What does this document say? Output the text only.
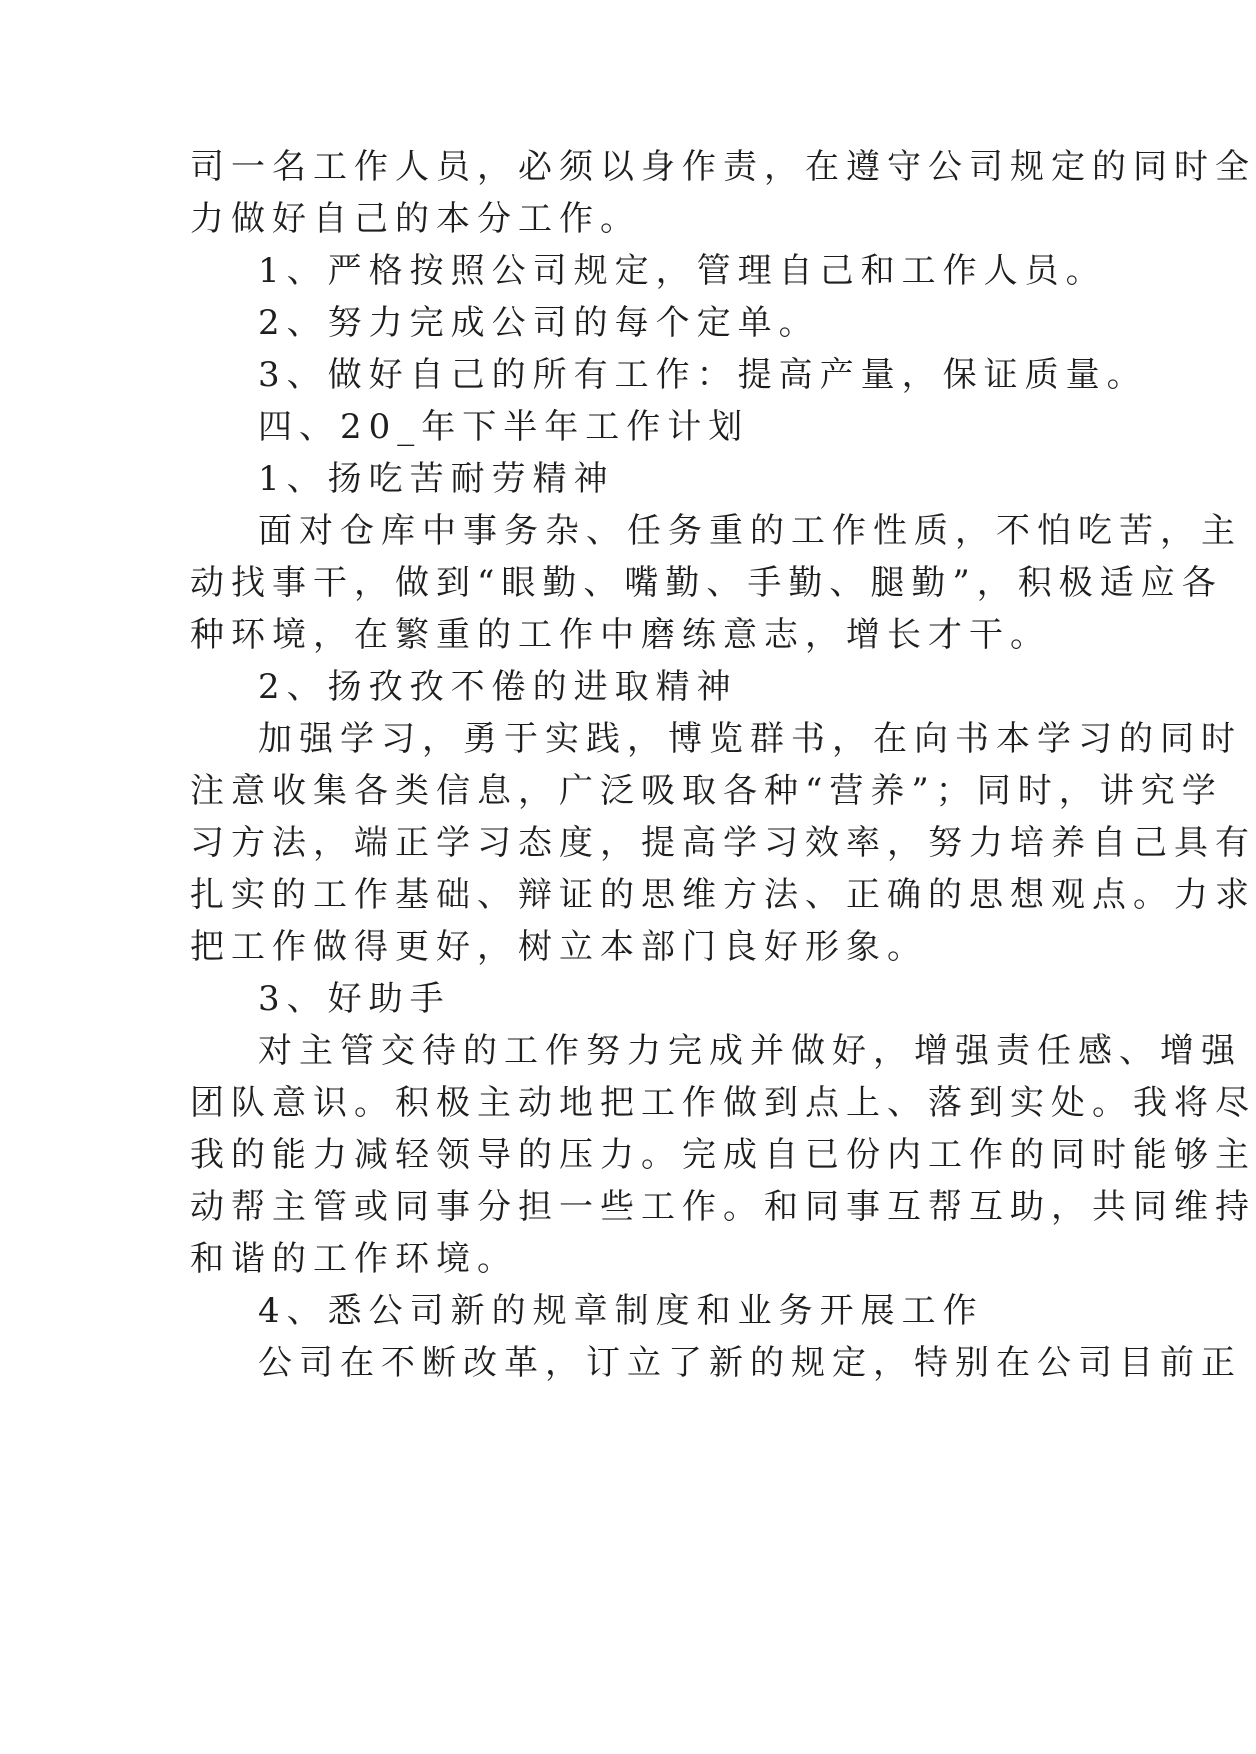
司一名工作人员，必须以身作责，在遵守公司规定的同时全
力做好自己的本分工作。
1、严格按照公司规定，管理自己和工作人员。
2、努力完成公司的每个定单。
3、做好自己的所有工作：提高产量，保证质量。
四、20_年下半年工作计划
1、扬吃苦耐劳精神
面对仓库中事务杂、任务重的工作性质，不怕吃苦，主
动找事干，做到“眼勤、嘴勤、手勤、腿勤”，积极适应各
种环境，在繁重的工作中磨练意志，增长才干。
2、扬孜孜不倦的进取精神
加强学习，勇于实践，博览群书，在向书本学习的同时
注意收集各类信息，广泛吸取各种“营养”；同时，讲究学
习方法，端正学习态度，提高学习效率，努力培养自己具有
扎实的工作基础、辩证的思维方法、正确的思想观点。力求
把工作做得更好，树立本部门良好形象。
3、好助手
对主管交待的工作努力完成并做好，增强责任感、增强
团队意识。积极主动地把工作做到点上、落到实处。我将尽
我的能力减轻领导的压力。完成自已份内工作的同时能够主
动帮主管或同事分担一些工作。和同事互帮互助，共同维持
和谐的工作环境。
4、悉公司新的规章制度和业务开展工作
公司在不断改革，订立了新的规定，特别在公司目前正
